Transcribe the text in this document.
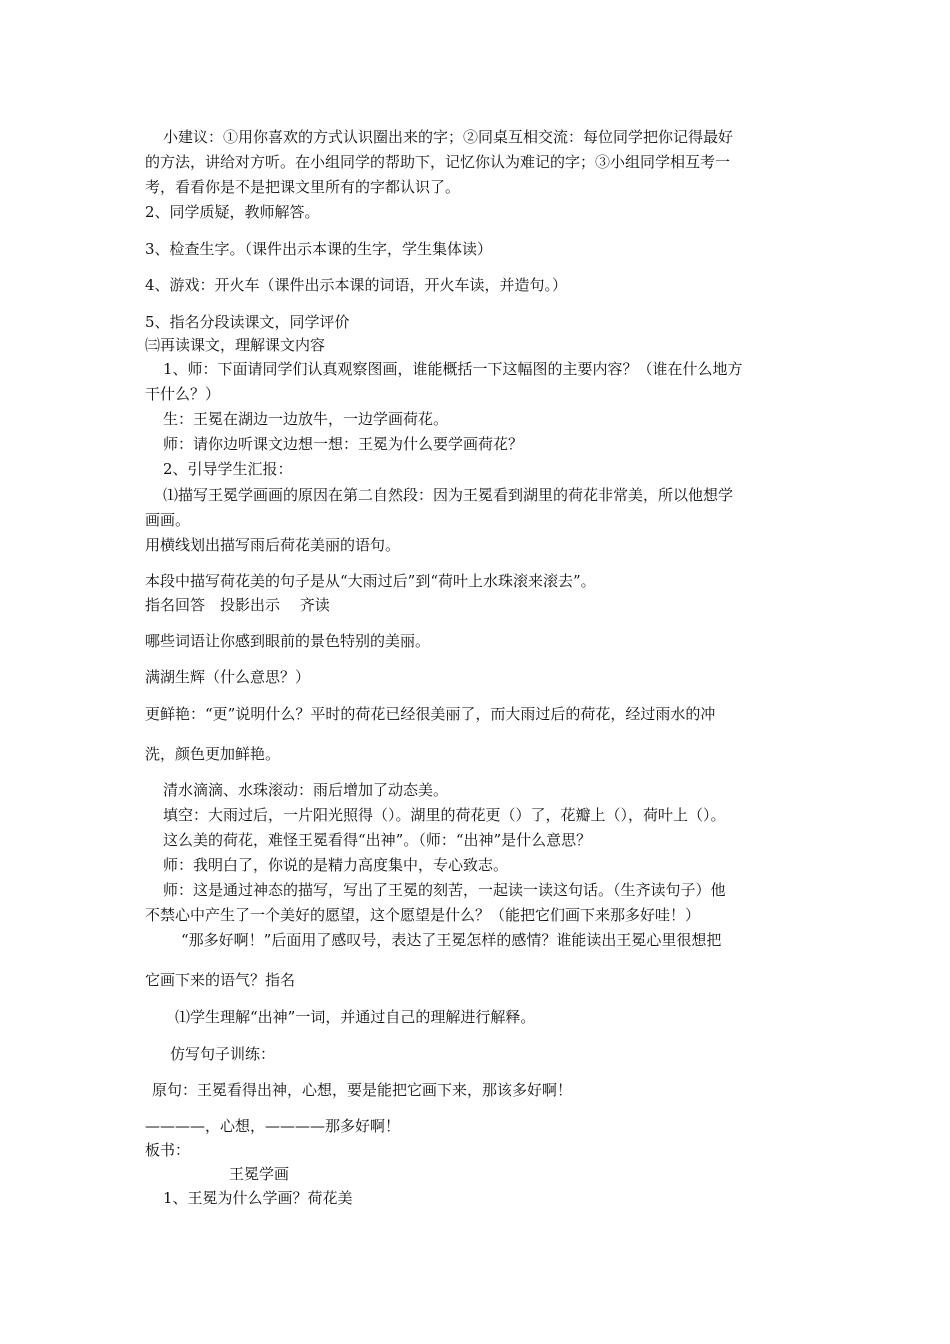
小建议：①用你喜欢的方式认识圈出来的字；②同桌互相交流：每位同学把你记得最好
的方法，讲给对方听。在小组同学的帮助下，记忆你认为难记的字；③小组同学相互考一
考，看看你是不是把课文里所有的字都认识了。
2、同学质疑，教师解答。
3、检查生字。（课件出示本课的生字，学生集体读）
4、游戏：开火车（课件出示本课的词语，开火车读，并造句。）
5、指名分段读课文，同学评价
㈢再读课文，理解课文内容
1、师：下面请同学们认真观察图画，谁能概括一下这幅图的主要内容？（谁在什么地方
干什么？）
生：王冕在湖边一边放牛，一边学画荷花。
师：请你边听课文边想一想：王冕为什么要学画荷花？
2、引导学生汇报：
⑴描写王冕学画画的原因在第二自然段：因为王冕看到湖里的荷花非常美，所以他想学
画画。
用横线划出描写雨后荷花美丽的语句。
本段中描写荷花美的句子是从“大雨过后”到“荷叶上水珠滚来滚去”。
指名回答　投影出示　 齐读
哪些词语让你感到眼前的景色特别的美丽。
满湖生辉（什么意思？）
更鲜艳：“更”说明什么？平时的荷花已经很美丽了，而大雨过后的荷花，经过雨水的冲
洗，颜色更加鲜艳。
清水滴滴、水珠滚动：雨后增加了动态美。
填空：大雨过后，一片阳光照得（）。湖里的荷花更（）了，花瓣上（），荷叶上（）。
这么美的荷花，难怪王冕看得“出神”。（师：“出神”是什么意思？
师：我明白了，你说的是精力高度集中，专心致志。
师：这是通过神态的描写，写出了王冕的刻苦，一起读一读这句话。（生齐读句子）他
不禁心中产生了一个美好的愿望，这个愿望是什么？（能把它们画下来那多好哇！）
“那多好啊！”后面用了感叹号，表达了王冕怎样的感情？谁能读出王冕心里很想把
它画下来的语气？指名
⑴学生理解“出神”一词，并通过自己的理解进行解释。
仿写句子训练：
原句：王冕看得出神，心想，要是能把它画下来，那该多好啊！
————，心想，————那多好啊！
板书：
王冕学画
1、王冕为什么学画？荷花美
